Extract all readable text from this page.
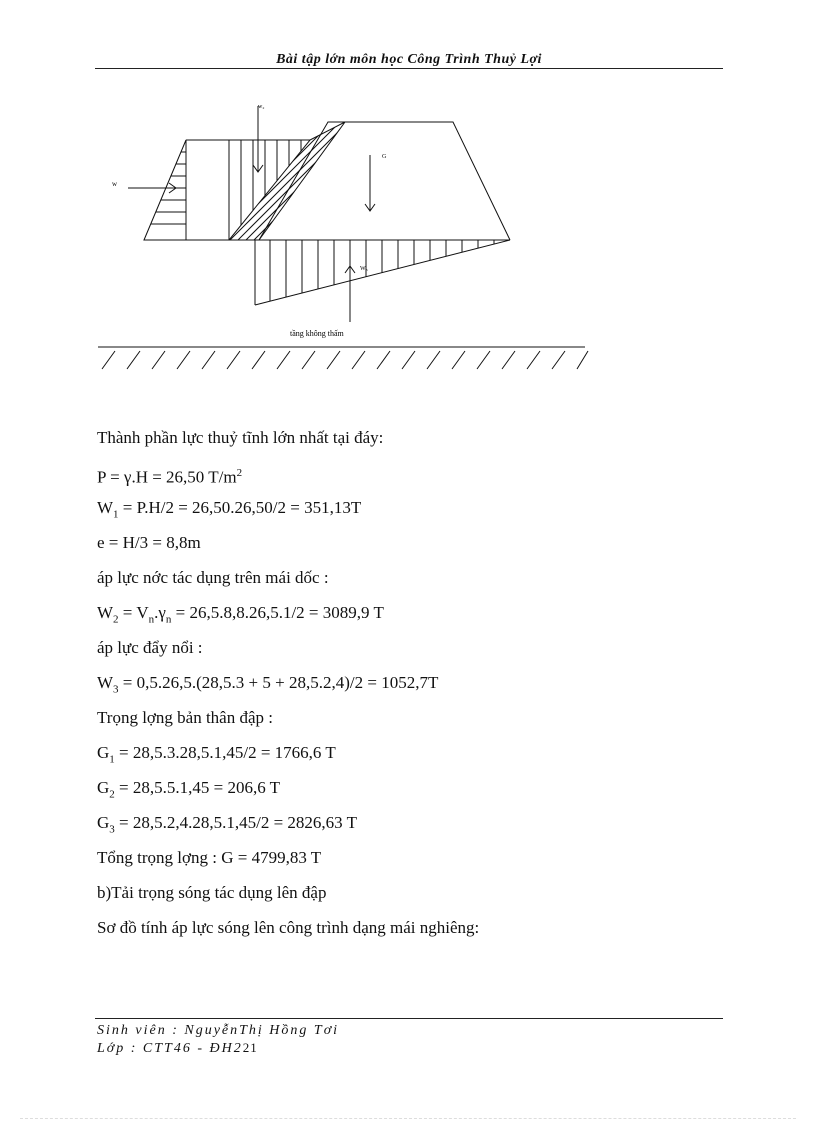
Bài tập lớn môn học Công Trình Thuỷ Lợi
w
w₂
G
W₃
tầng không thấm
Thành phần lực thuỷ tĩnh lớn nhất tại đáy:
P = γ.H = 26,50 $T/m^2$
$W_1 = P.H/2 = 26,50.26,50/2 = 351,13T$
e = H/3 = 8,8m
áp lực nớc tác dụng trên mái dốc :
$W_2 = V_n.\gamma_n = 26,5.8,8.26,5.1/2 = 3089,9$ T
áp lực đẩy nổi :
$W_3 = 0,5.26,5.(28,5.3 + 5 + 28,5.2,4)/2 = 1052,7T$
Trọng lợng bản thân đập :
$G_1 = 28,5.3.28,5.1,45/2 = 1766,6$ T
$G_2 = 28,5.5.1,45 = 206,6$ T
$G_3 = 28,5.2,4.28,5.1,45/2 = 2826,63$ T
Tổng trọng lợng : G = 4799,83 T
b)Tải trọng sóng tác dụng lên đập
Sơ đồ tính áp lực sóng lên công trình dạng mái nghiêng:
Sinh viên : NguyễnThị Hồng Tơi
Lớp : CTT46 - ĐH221
